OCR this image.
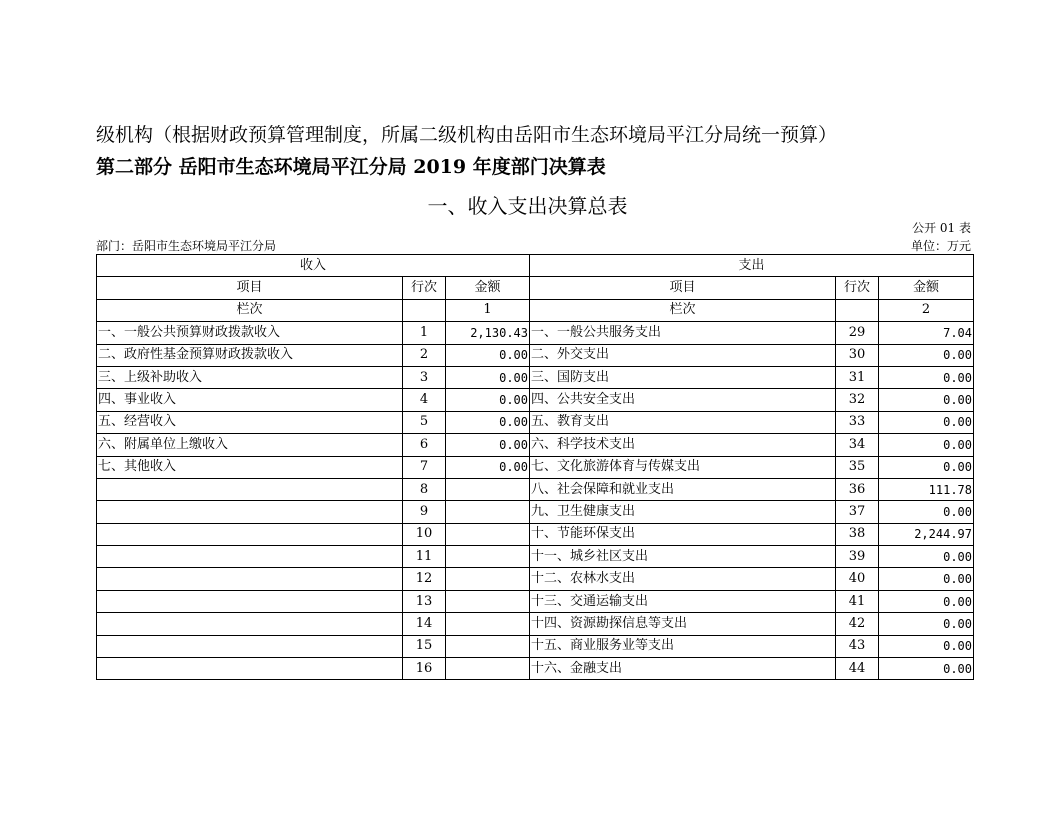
级机构（根据财政预算管理制度，所属二级机构由岳阳市生态环境局平江分局统一预算）
第二部分 岳阳市生态环境局平江分局 2019 年度部门决算表
一、收入支出决算总表
公开 01 表
部门：岳阳市生态环境局平江分局	单位：万元
收入			支出		
项目	行次	金额	项目	行次	金额
栏次		1	栏次		2
一、一般公共预算财政拨款收入	1	2,130.43	一、一般公共服务支出	29	7.04
二、政府性基金预算财政拨款收入	2	0.00	二、外交支出	30	0.00
三、上级补助收入	3	0.00	三、国防支出	31	0.00
四、事业收入	4	0.00	四、公共安全支出	32	0.00
五、经营收入	5	0.00	五、教育支出	33	0.00
六、附属单位上缴收入	6	0.00	六、科学技术支出	34	0.00
七、其他收入	7	0.00	七、文化旅游体育与传媒支出	35	0.00
	8		八、社会保障和就业支出	36	111.78
	9		九、卫生健康支出	37	0.00
	10		十、节能环保支出	38	2,244.97
	11		十一、城乡社区支出	39	0.00
	12		十二、农林水支出	40	0.00
	13		十三、交通运输支出	41	0.00
	14		十四、资源勘探信息等支出	42	0.00
	15		十五、商业服务业等支出	43	0.00
	16		十六、金融支出	44	0.00
